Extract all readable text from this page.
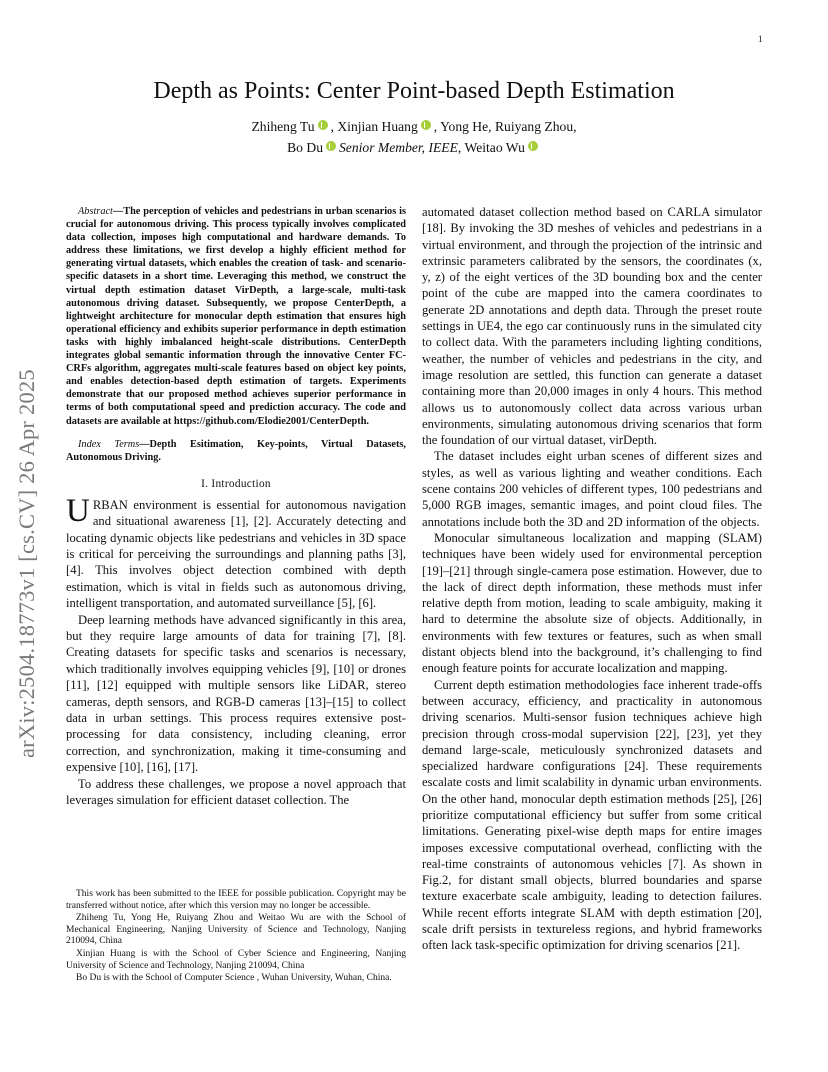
1
arXiv:2504.18773v1 [cs.CV] 26 Apr 2025
Depth as Points: Center Point-based Depth Estimation
Zhiheng Tu , Xinjian Huang , Yong He, Ruiyang Zhou,
Bo Du Senior Member, IEEE, Weitao Wu

Abstract—The perception of vehicles and pedestrians in urban scenarios is crucial for autonomous driving. This process typically involves complicated data collection, imposes high computational and hardware demands. To address these limitations, we first develop a highly efficient method for generating virtual datasets, which enables the creation of task- and scenario-specific datasets in a short time. Leveraging this method, we construct the virtual depth estimation dataset VirDepth, a large-scale, multi-task autonomous driving dataset. Subsequently, we propose CenterDepth, a lightweight architecture for monocular depth estimation that ensures high operational efficiency and exhibits superior performance in depth estimation tasks with highly imbalanced height-scale distributions. CenterDepth integrates global semantic information through the innovative Center FC-CRFs algorithm, aggregates multi-scale features based on object key points, and enables detection-based depth estimation of targets. Experiments demonstrate that our proposed method achieves superior performance in terms of both computational speed and prediction accuracy. The code and datasets are available at https://github.com/Elodie2001/CenterDepth.

Index Terms—Depth Esitimation, Key-points, Virtual Datasets, Autonomous Driving.

I. Introduction

URBAN environment is essential for autonomous navigation and situational awareness [1], [2]. Accurately detecting and locating dynamic objects like pedestrians and vehicles in 3D space is critical for perceiving the surroundings and planning paths [3], [4]. This involves object detection combined with depth estimation, which is vital in fields such as autonomous driving, intelligent transportation, and automated surveillance [5], [6].

Deep learning methods have advanced significantly in this area, but they require large amounts of data for training [7], [8]. Creating datasets for specific tasks and scenarios is necessary, which traditionally involves equipping vehicles [9], [10] or drones [11], [12] equipped with multiple sensors like LiDAR, stereo cameras, depth sensors, and RGB-D cameras [13]–[15] to collect data in urban settings. This process requires extensive post-processing for data consistency, including cleaning, error correction, and synchronization, making it time-consuming and expensive [10], [16], [17].

To address these challenges, we propose a novel approach that leverages simulation for efficient dataset collection. The

This work has been submitted to the IEEE for possible publication. Copyright may be transferred without notice, after which this version may no longer be accessible.

Zhiheng Tu, Yong He, Ruiyang Zhou and Weitao Wu are with the School of Mechanical Engineering, Nanjing University of Science and Technology, Nanjing 210094, China

Xinjian Huang is with the School of Cyber Science and Engineering, Nanjing University of Science and Technology, Nanjing 210094, China

Bo Du is with the School of Computer Science , Wuhan University, Wuhan, China.

automated dataset collection method based on CARLA simulator [18]. By invoking the 3D meshes of vehicles and pedestrians in a virtual environment, and through the projection of the intrinsic and extrinsic parameters calibrated by the sensors, the coordinates (x, y, z) of the eight vertices of the 3D bounding box and the center point of the cube are mapped into the camera coordinates to generate 2D annotations and depth data. Through the preset route settings in UE4, the ego car continuously runs in the simulated city to collect data. With the parameters including lighting conditions, weather, the number of vehicles and pedestrians in the city, and image resolution are settled, this function can generate a dataset containing more than 20,000 images in only 4 hours. This method allows us to autonomously collect data across various urban environments, simulating autonomous driving scenarios that form the foundation of our virtual dataset, virDepth.

The dataset includes eight urban scenes of different sizes and styles, as well as various lighting and weather conditions. Each scene contains 200 vehicles of different types, 100 pedestrians and 5,000 RGB images, semantic images, and point cloud files. The annotations include both the 3D and 2D information of the objects.

Monocular simultaneous localization and mapping (SLAM) techniques have been widely used for environmental perception [19]–[21] through single-camera pose estimation. However, due to the lack of direct depth information, these methods must infer relative depth from motion, leading to scale ambiguity, making it hard to determine the absolute size of objects. Additionally, in environments with few textures or features, such as when small distant objects blend into the background, it’s challenging to find enough feature points for accurate localization and mapping.

Current depth estimation methodologies face inherent trade-offs between accuracy, efficiency, and practicality in autonomous driving scenarios. Multi-sensor fusion techniques achieve high precision through cross-modal supervision [22], [23], yet they demand large-scale, meticulously synchronized datasets and specialized hardware configurations [24]. These requirements escalate costs and limit scalability in dynamic urban environments. On the other hand, monocular depth estimation methods [25], [26] prioritize computational efficiency but suffer from some critical limitations. Generating pixel-wise depth maps for entire images imposes excessive computational overhead, conflicting with the real-time constraints of autonomous vehicles [7]. As shown in Fig.2, for distant small objects, blurred boundaries and sparse texture exacerbate scale ambiguity, leading to detection failures. While recent efforts integrate SLAM with depth estimation [20], scale drift persists in textureless regions, and hybrid frameworks often lack task-specific optimization for driving scenarios [21].
